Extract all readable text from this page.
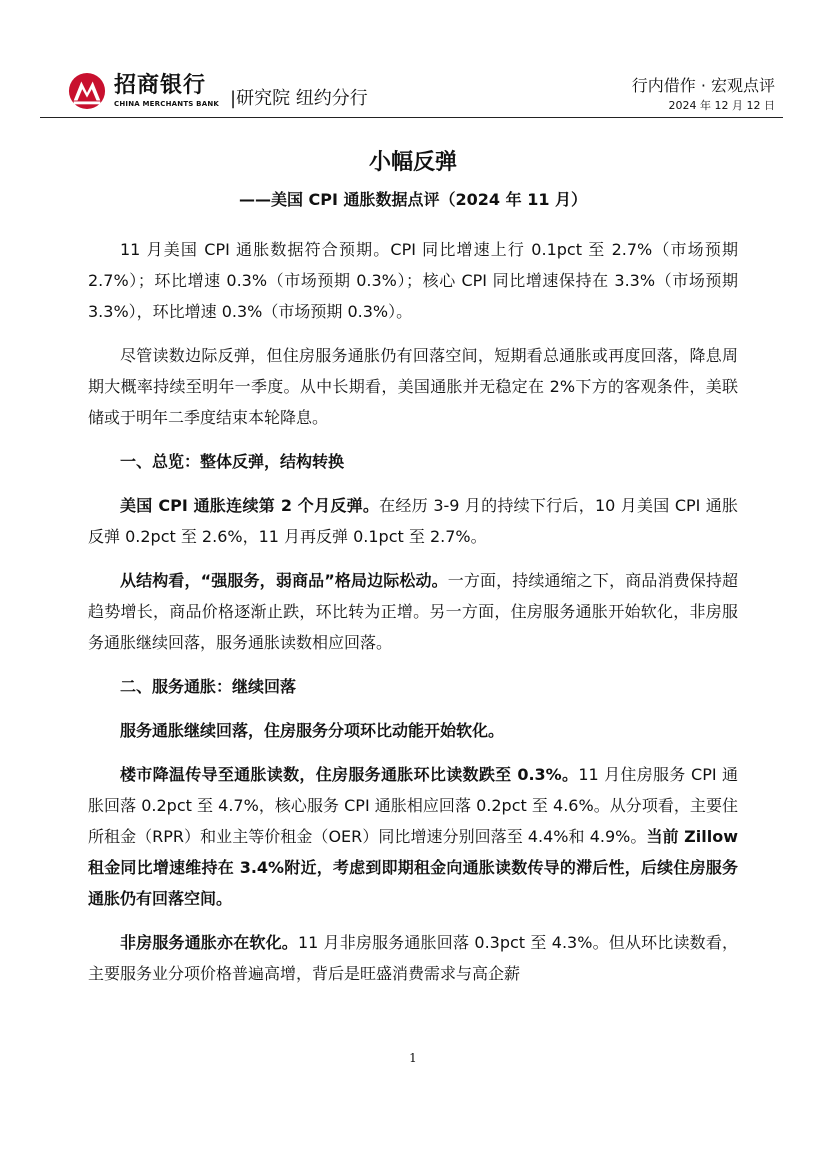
招商银行
CHINA MERCHANTS BANK |研究院 纽约分行
行内借作 · 宏观点评
2024 年 12 月 12 日
小幅反弹
——美国 CPI 通胀数据点评（2024 年 11 月）

11 月美国 CPI 通胀数据符合预期。CPI 同比增速上行 0.1pct 至 2.7%（市场预期 2.7%）；环比增速 0.3%（市场预期 0.3%）；核心 CPI 同比增速保持在 3.3%（市场预期 3.3%），环比增速 0.3%（市场预期 0.3%）。

尽管读数边际反弹，但住房服务通胀仍有回落空间，短期看总通胀或再度回落，降息周期大概率持续至明年一季度。从中长期看，美国通胀并无稳定在 2%下方的客观条件，美联储或于明年二季度结束本轮降息。

一、总览：整体反弹，结构转换

美国 CPI 通胀连续第 2 个月反弹。在经历 3-9 月的持续下行后，10 月美国 CPI 通胀反弹 0.2pct 至 2.6%，11 月再反弹 0.1pct 至 2.7%。

从结构看，“强服务，弱商品”格局边际松动。一方面，持续通缩之下，商品消费保持超趋势增长，商品价格逐渐止跌，环比转为正增。另一方面，住房服务通胀开始软化，非房服务通胀继续回落，服务通胀读数相应回落。

二、服务通胀：继续回落

服务通胀继续回落，住房服务分项环比动能开始软化。

楼市降温传导至通胀读数，住房服务通胀环比读数跌至 0.3%。11 月住房服务 CPI 通胀回落 0.2pct 至 4.7%，核心服务 CPI 通胀相应回落 0.2pct 至 4.6%。从分项看，主要住所租金（RPR）和业主等价租金（OER）同比增速分别回落至 4.4%和 4.9%。当前 Zillow 租金同比增速维持在 3.4%附近，考虑到即期租金向通胀读数传导的滞后性，后续住房服务通胀仍有回落空间。

非房服务通胀亦在软化。11 月非房服务通胀回落 0.3pct 至 4.3%。但从环比读数看，主要服务业分项价格普遍高增，背后是旺盛消费需求与高企薪

1
